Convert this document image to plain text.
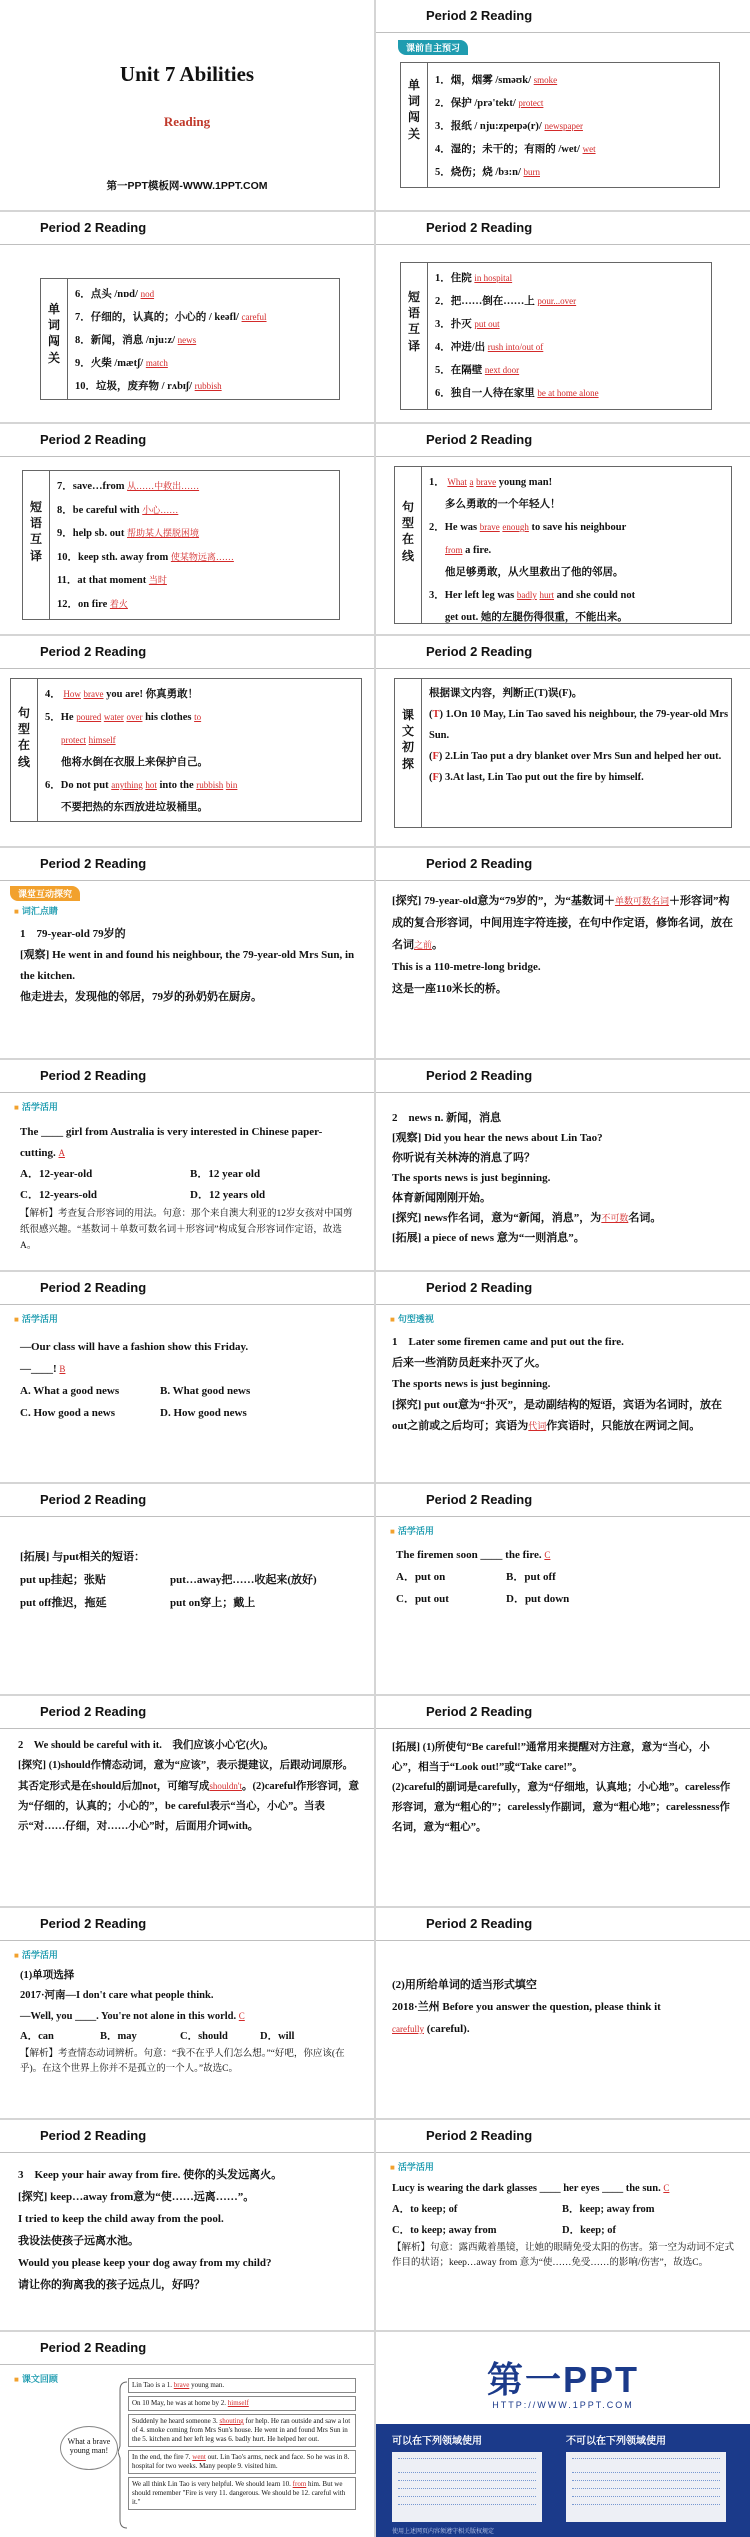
Unit 7 Abilities
Reading
第一PPT模板网-WWW.1PPT.COM
Period 2 Reading
课前自主预习
单词闯关
1．烟，烟雾 /smәʊk/ smoke
2．保护 /prә'tekt/ protect
3．报纸 / nju:zpeɪpә(r)/ newspaper
4．湿的；未干的；有雨的 /wet/ wet
5．烧伤；烧 /bɜ:n/ burn
Period 2 Reading
单词闯关
6．点头 /nɒd/ nod
7．仔细的，认真的；小心的 / keәfl/ careful
8．新闻，消息 /nju:z/ news
9．火柴 /mætʃ/ match
10．垃圾，废弃物 / rʌbɪʃ/ rubbish
Period 2 Reading
短语互译
1．住院 in hospital
2．把……倒在……上 pour...over
3．扑灭 put out
4．冲进/出 rush into/out of
5．在隔壁 next door
6．独自一人待在家里 be at home alone
Period 2 Reading
短语互译
7．save…from 从……中救出……
8．be careful with 小心……
9．help sb. out 帮助某人摆脱困境
10．keep sth. away from 使某物远离……
11．at that moment 当时
12．on fire 着火
Period 2 Reading
句型在线
1． What a brave young man!
多么勇敢的一个年轻人！
2．He was brave enough to save his neighbour
from a fire.
他足够勇敢，从火里救出了他的邻居。
3．Her left leg was badly hurt and she could not
get out. 她的左腿伤得很重，不能出来。
Period 2 Reading
句型在线
4． How brave you are! 你真勇敢！
5．He poured water over his clothes to
protect himself
他将水倒在衣服上来保护自己。
6．Do not put anything hot into the rubbish bin
不要把热的东西放进垃圾桶里。
Period 2 Reading
课文初探
根据课文内容，判断正(T)误(F)。
(T) 1.On 10 May, Lin Tao saved his neighbour, the 79-year-old Mrs Sun.
(F) 2.Lin Tao put a dry blanket over Mrs Sun and helped her out.
(F) 3.At last, Lin Tao put out the fire by himself.
Period 2 Reading
课堂互动探究
■ 词汇点睛
1　79-year-old 79岁的
[观察] He went in and found his neighbour, the 79-year-old Mrs Sun, in the kitchen.
他走进去，发现他的邻居，79岁的孙奶奶在厨房。
Period 2 Reading
[探究] 79-year-old意为“79岁的”，为“基数词＋单数可数名词＋形容词”构成的复合形容词，中间用连字符连接，在句中作定语，修饰名词，放在名词之前。
This is a 110-metre-long bridge.
这是一座110米长的桥。
Period 2 Reading
■ 活学活用
The ____ girl from Australia is very interested in Chinese paper-cutting. A
A．12-year-old	B．12 year old
C．12-years-old	D．12 years old
【解析】考查复合形容词的用法。句意：那个来自澳大利亚的12岁女孩对中国剪纸很感兴趣。“基数词＋单数可数名词＋形容词”构成复合形容词作定语，故选A。
Period 2 Reading
2　news n. 新闻，消息
[观察] Did you hear the news about Lin Tao?
你听说有关林涛的消息了吗？
The sports news is just beginning.
体育新闻刚刚开始。
[探究] news作名词，意为“新闻，消息”，为不可数名词。
[拓展] a piece of news 意为“一则消息”。
Period 2 Reading
■ 活学活用
—Our class will have a fashion show this Friday.
—____! B
A. What a good news	B. What good news
C. How good a news	D. How good news
Period 2 Reading
■ 句型透视
1　Later some firemen came and put out the fire.
后来一些消防员赶来扑灭了火。
The sports news is just beginning.
[探究] put out意为“扑灭”，是动副结构的短语，宾语为名词时，放在out之前或之后均可；宾语为代词作宾语时，只能放在两词之间。
Period 2 Reading
[拓展] 与put相关的短语：
put up挂起；张贴	put…away把……收起来(放好)
put off推迟，拖延	put on穿上；戴上
Period 2 Reading
■ 活学活用
The firemen soon ____ the fire. C
A．put on	B．put off
C．put out	D．put down
Period 2 Reading
2　We should be careful with it.　我们应该小心它(火)。
[探究] (1)should作情态动词，意为“应该”，表示提建议，后跟动词原形。其否定形式是在should后加not，可缩写成shouldn't。(2)careful作形容词，意为“仔细的，认真的；小心的”，be careful表示“当心，小心”。当表示“对……仔细，对……小心”时，后面用介词with。
Period 2 Reading
[拓展] (1)所使句“Be careful!”通常用来提醒对方注意，意为“当心，小心”，相当于“Look out!”或“Take care!”。
(2)careful的副词是carefully，意为“仔细地，认真地；小心地”。careless作形容词，意为“粗心的”；carelessly作副词，意为“粗心地”；carelessness作名词，意为“粗心”。
Period 2 Reading
■ 活学活用
(1)单项选择
2017·河南—I don't care what people think.
—Well, you ____. You're not alone in this world. C
A．can	B．may	C．should	D．will
【解析】考查情态动词辨析。句意：“我不在乎人们怎么想。”“好吧，你应该(在乎)。在这个世界上你并不是孤立的一个人。”故选C。
Period 2 Reading
(2)用所给单词的适当形式填空
2018·兰州 Before you answer the question, please think it
carefully (careful).
Period 2 Reading
3　Keep your hair away from fire. 使你的头发远离火。
[探究] keep…away from意为“使……远离……”。
I tried to keep the child away from the pool.
我设法使孩子远离水池。
Would you please keep your dog away from my child?
请让你的狗离我的孩子远点儿，好吗？
Period 2 Reading
■ 活学活用
Lucy is wearing the dark glasses ____ her eyes ____ the sun. C
A．to keep; of	B．keep; away from
C．to keep; away from	D．keep; of
【解析】句意：露西戴着墨镜，让她的眼睛免受太阳的伤害。第一空为动词不定式作目的状语；keep…away from 意为“使……免受……的影响/伤害”，故选C。
Period 2 Reading
■ 课文回顾
What a brave young man!
Lin Tao is a 1. brave young man.
On 10 May, he was at home by 2. himself
Suddenly he heard someone 3. shouting for help. He ran outside and saw a lot of 4. smoke coming from Mrs Sun's house. He went in and found Mrs Sun in the 5. kitchen and her left leg was 6. badly hurt. He helped her out.
In the end, the fire 7. went out. Lin Tao's arms, neck and face. So he was in 8. hospital for two weeks. Many people 9. visited him.
We all think Lin Tao is very helpful. We should learn 10. from him. But we should remember "Fire is very 11. dangerous. We should be 12. careful with it."
第一PPT
HTTP://WWW.1PPT.COM
可以在下列领域使用	不可以在下列领域使用
使用上述网页内容须遵守相关版权规定
